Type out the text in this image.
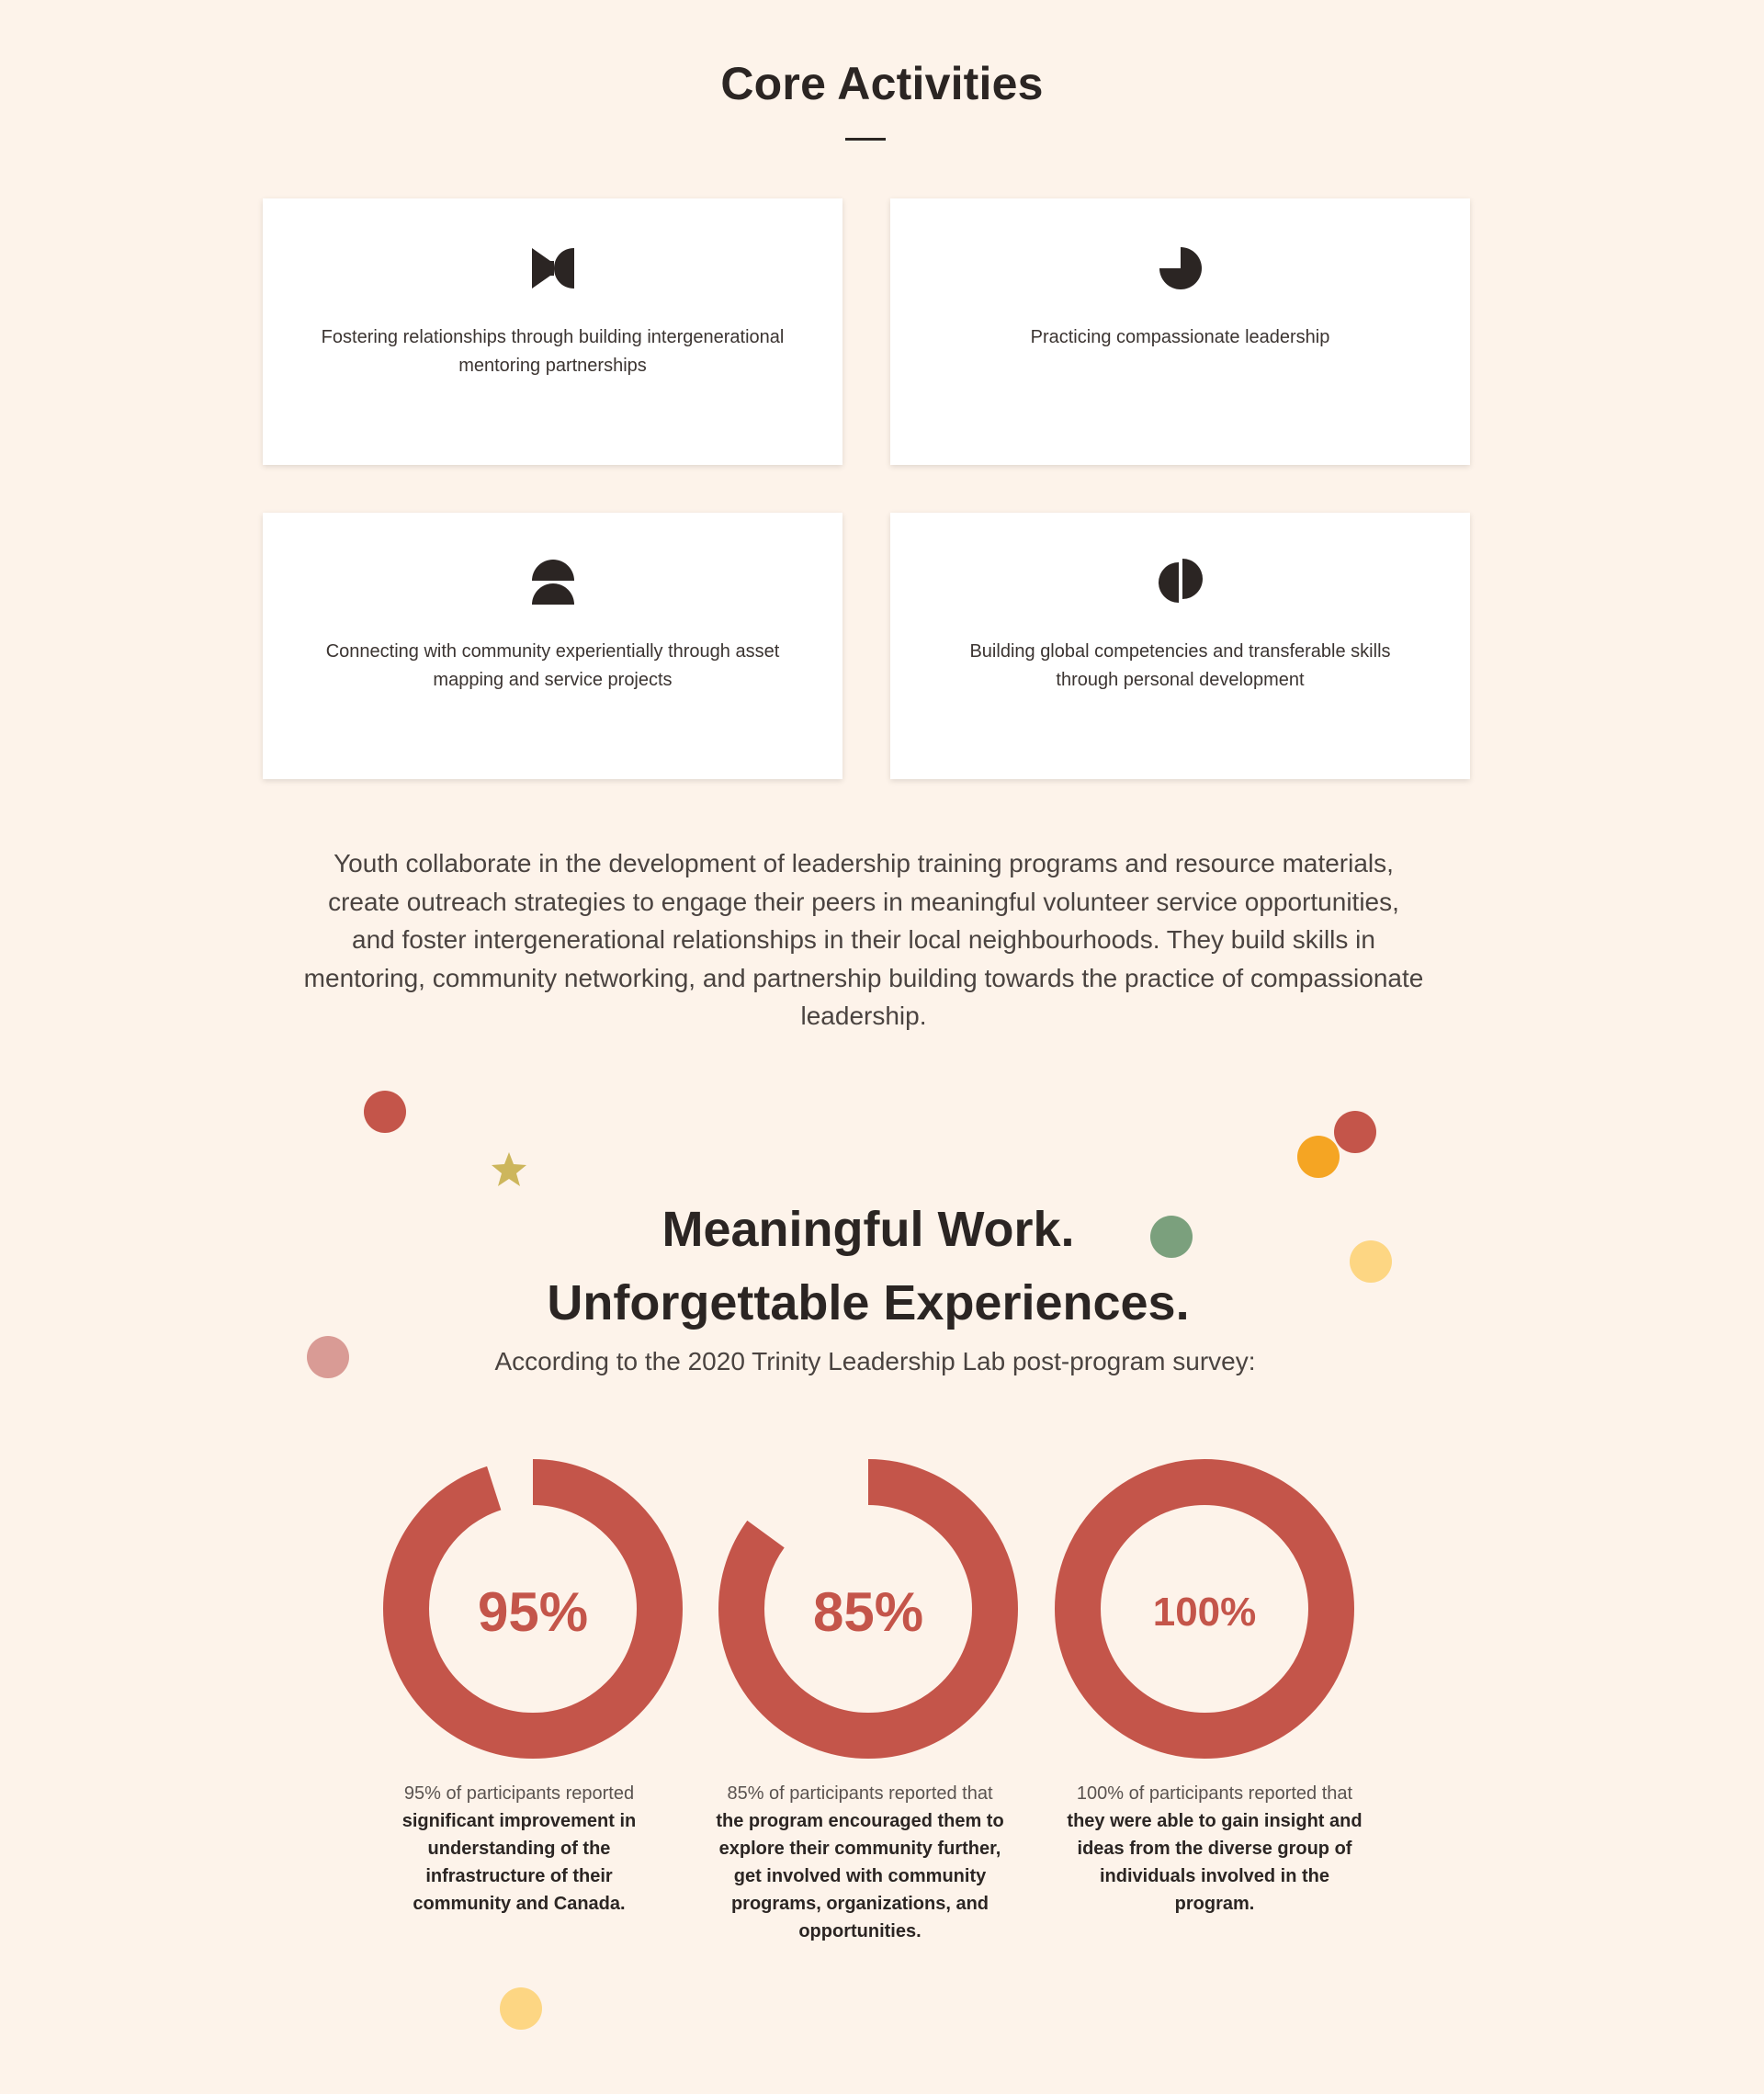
Core Activities
Fostering relationships through building intergenerational mentoring partnerships
Practicing compassionate leadership
Connecting with community experientially through asset mapping and service projects
Building global competencies and transferable skills through personal development

Youth collaborate in the development of leadership training programs and resource materials, create outreach strategies to engage their peers in meaningful volunteer service opportunities, and foster intergenerational relationships in their local neighbourhoods. They build skills in mentoring, community networking, and partnership building towards the practice of compassionate leadership.

Meaningful Work.
Unforgettable Experiences.
According to the 2020 Trinity Leadership Lab post-program survey:
95%
95% of participants reported significant improvement in understanding of the infrastructure of their community and Canada.
85%
85% of participants reported that the program encouraged them to explore their community further, get involved with community programs, organizations, and opportunities.
100%
100% of participants reported that they were able to gain insight and ideas from the diverse group of individuals involved in the program.
